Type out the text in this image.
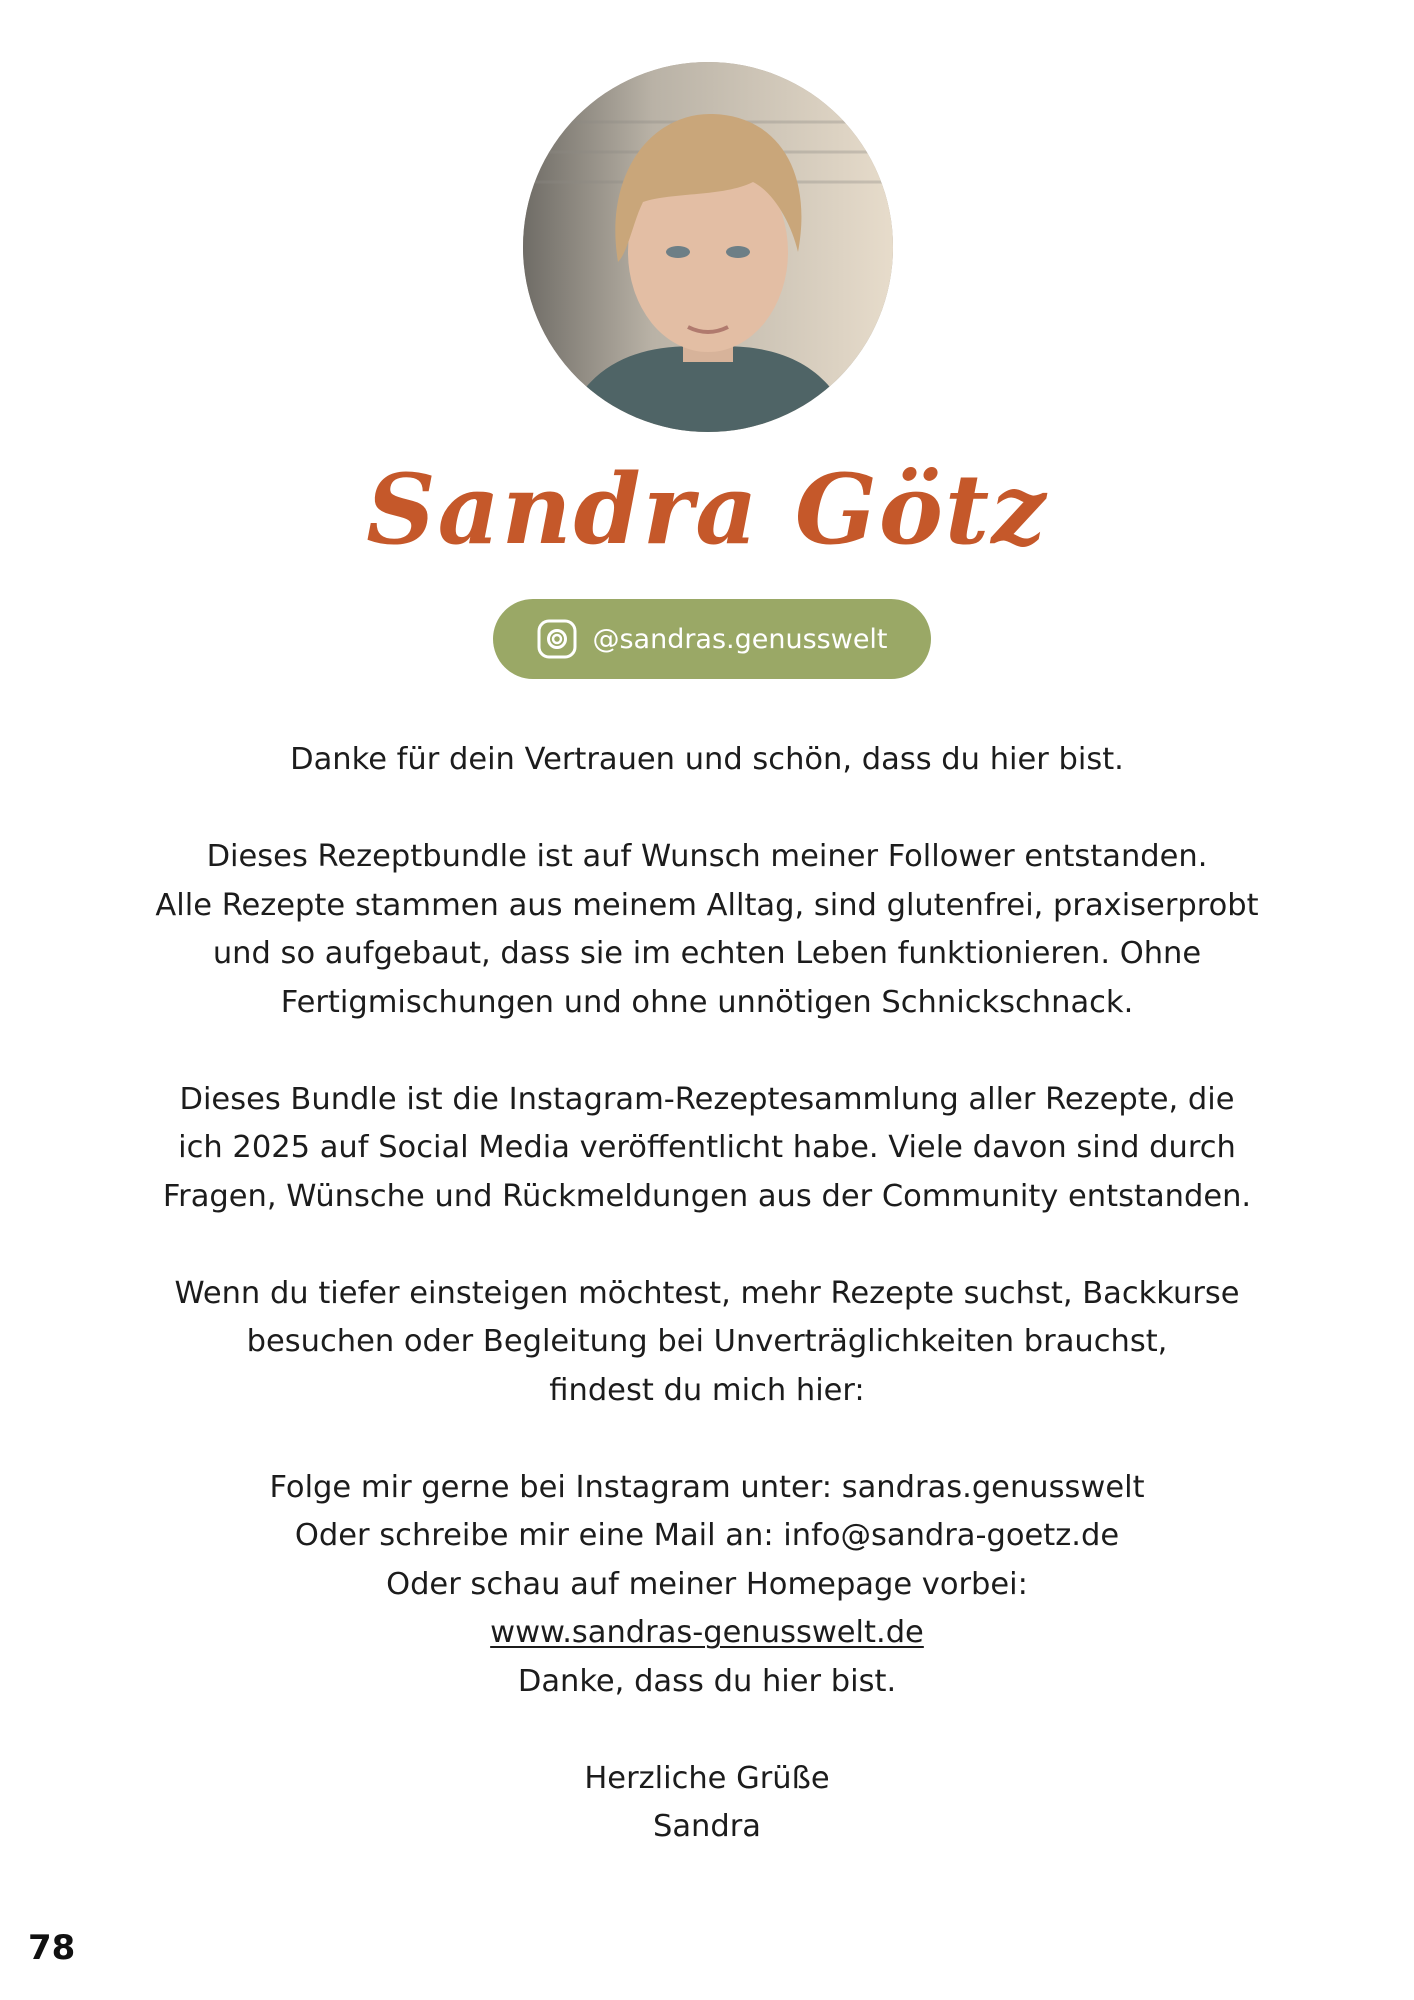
Sandra Götz
@sandras.genusswelt

Danke für dein Vertrauen und schön, dass du hier bist.

Dieses Rezeptbundle ist auf Wunsch meiner Follower entstanden.
Alle Rezepte stammen aus meinem Alltag, sind glutenfrei, praxiserprobt
und so aufgebaut, dass sie im echten Leben funktionieren. Ohne
Fertigmischungen und ohne unnötigen Schnickschnack.

Dieses Bundle ist die Instagram-Rezeptesammlung aller Rezepte, die
ich 2025 auf Social Media veröffentlicht habe. Viele davon sind durch
Fragen, Wünsche und Rückmeldungen aus der Community entstanden.

Wenn du tiefer einsteigen möchtest, mehr Rezepte suchst, Backkurse
besuchen oder Begleitung bei Unverträglichkeiten brauchst,
findest du mich hier:

Folge mir gerne bei Instagram unter: sandras.genusswelt
Oder schreibe mir eine Mail an: info@sandra-goetz.de
Oder schau auf meiner Homepage vorbei:
www.sandras-genusswelt.de
Danke, dass du hier bist.

Herzliche Grüße
Sandra

78
